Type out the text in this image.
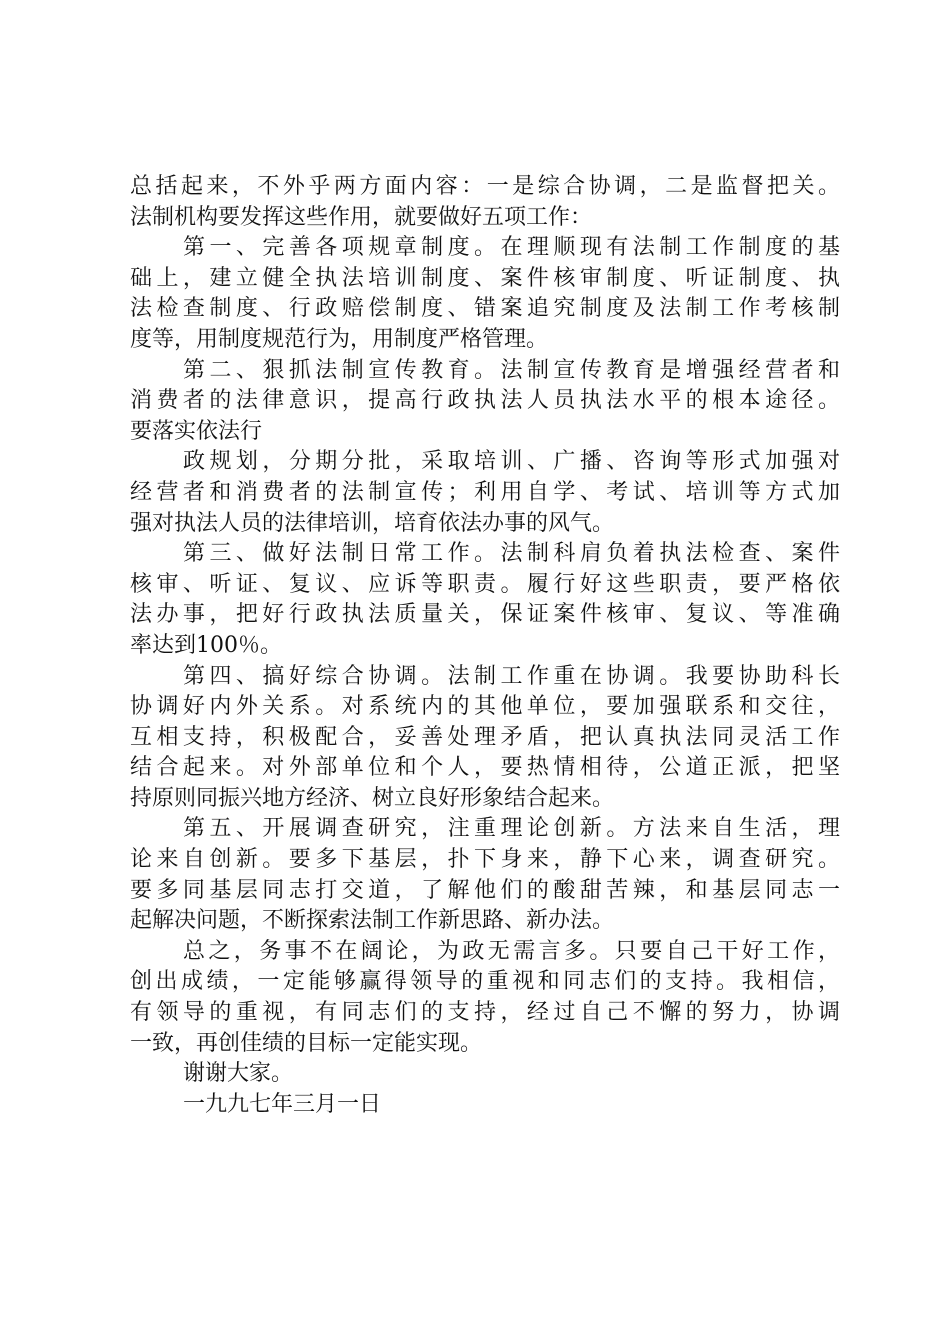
总括起来，不外乎两方面内容：一是综合协调，二是监督把关。
法制机构要发挥这些作用，就要做好五项工作：
第一、完善各项规章制度。在理顺现有法制工作制度的基
础上，建立健全执法培训制度、案件核审制度、听证制度、执
法检查制度、行政赔偿制度、错案追究制度及法制工作考核制
度等，用制度规范行为，用制度严格管理。
第二、狠抓法制宣传教育。法制宣传教育是增强经营者和
消费者的法律意识，提高行政执法人员执法水平的根本途径。
要落实依法行
政规划，分期分批，采取培训、广播、咨询等形式加强对
经营者和消费者的法制宣传；利用自学、考试、培训等方式加
强对执法人员的法律培训，培育依法办事的风气。
第三、做好法制日常工作。法制科肩负着执法检查、案件
核审、听证、复议、应诉等职责。履行好这些职责，要严格依
法办事，把好行政执法质量关，保证案件核审、复议、等准确
率达到100％。
第四、搞好综合协调。法制工作重在协调。我要协助科长
协调好内外关系。对系统内的其他单位，要加强联系和交往，
互相支持，积极配合，妥善处理矛盾，把认真执法同灵活工作
结合起来。对外部单位和个人，要热情相待，公道正派，把坚
持原则同振兴地方经济、树立良好形象结合起来。
第五、开展调查研究，注重理论创新。方法来自生活，理
论来自创新。要多下基层，扑下身来，静下心来，调查研究。
要多同基层同志打交道，了解他们的酸甜苦辣，和基层同志一
起解决问题，不断探索法制工作新思路、新办法。
总之，务事不在阔论，为政无需言多。只要自己干好工作，
创出成绩，一定能够赢得领导的重视和同志们的支持。我相信，
有领导的重视，有同志们的支持，经过自己不懈的努力，协调
一致，再创佳绩的目标一定能实现。
谢谢大家。
一九九七年三月一日
